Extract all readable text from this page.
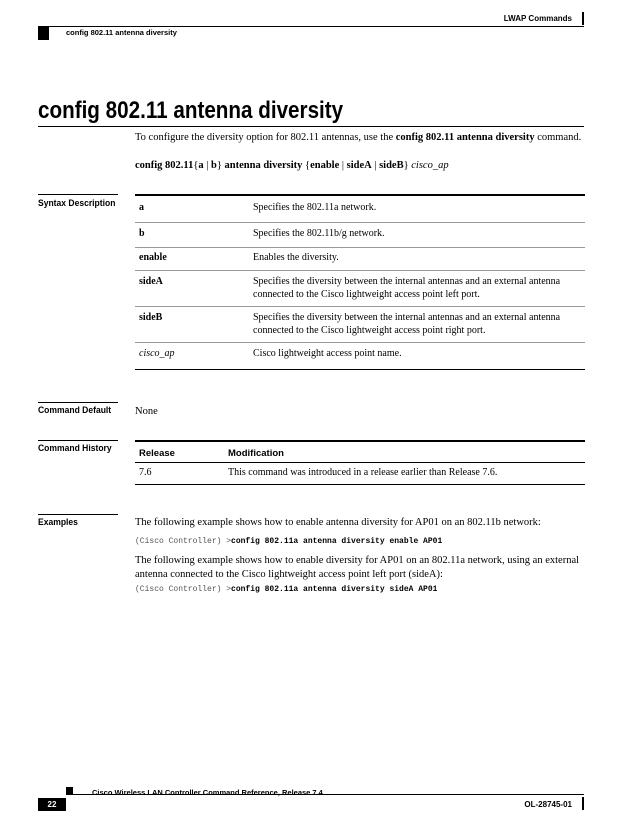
LWAP Commands
config 802.11 antenna diversity
config 802.11 antenna diversity
To configure the diversity option for 802.11 antennas, use the config 802.11 antenna diversity command.
config 802.11{a | b} antenna diversity {enable | sideA | sideB} cisco_ap
Syntax Description a	Specifies the 802.11a network.
b	Specifies the 802.11b/g network.
enable	Enables the diversity.
sideA	Specifies the diversity between the internal antennas and an external antenna connected to the Cisco lightweight access point left port.
sideB	Specifies the diversity between the internal antennas and an external antenna connected to the Cisco lightweight access point right port.
cisco_ap	Cisco lightweight access point name.
Command Default None
Command History	Release	Modification
7.6	This command was introduced in a release earlier than Release 7.6.
Examples	The following example shows how to enable antenna diversity for AP01 on an 802.11b network:
(Cisco Controller) >config 802.11a antenna diversity enable AP01
The following example shows how to enable diversity for AP01 on an 802.11a network, using an external antenna connected to the Cisco lightweight access point left port (sideA):
(Cisco Controller) >config 802.11a antenna diversity sideA AP01
Cisco Wireless LAN Controller Command Reference, Release 7.4
22	OL-28745-01
